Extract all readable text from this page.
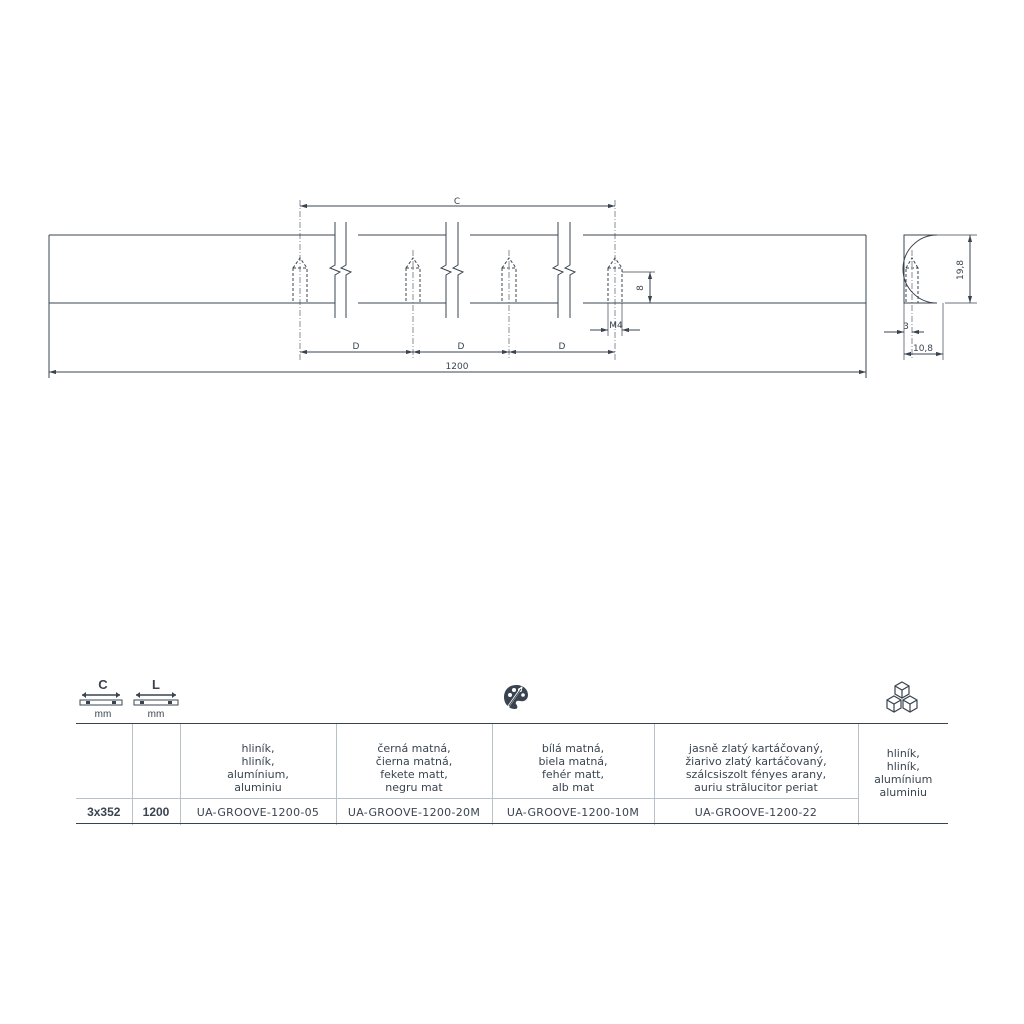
C
D	D	D
1200
M4
8
19,8
10,8
3
C
mm
L
mm
		hliník,
hliník,
alumínium,
aluminiu	černá matná,
čierna matná,
fekete matt,
negru mat	bílá matná,
biela matná,
fehér matt,
alb mat	jasně zlatý kartáčovaný,
žiarivo zlatý kartáčovaný,
szálcsiszolt fényes arany,
auriu strălucitor periat	hliník,
hliník,
alumínium
aluminiu
3x352	1200	UA-GROOVE-1200-05	UA-GROOVE-1200-20M	UA-GROOVE-1200-10M	UA-GROOVE-1200-22	
